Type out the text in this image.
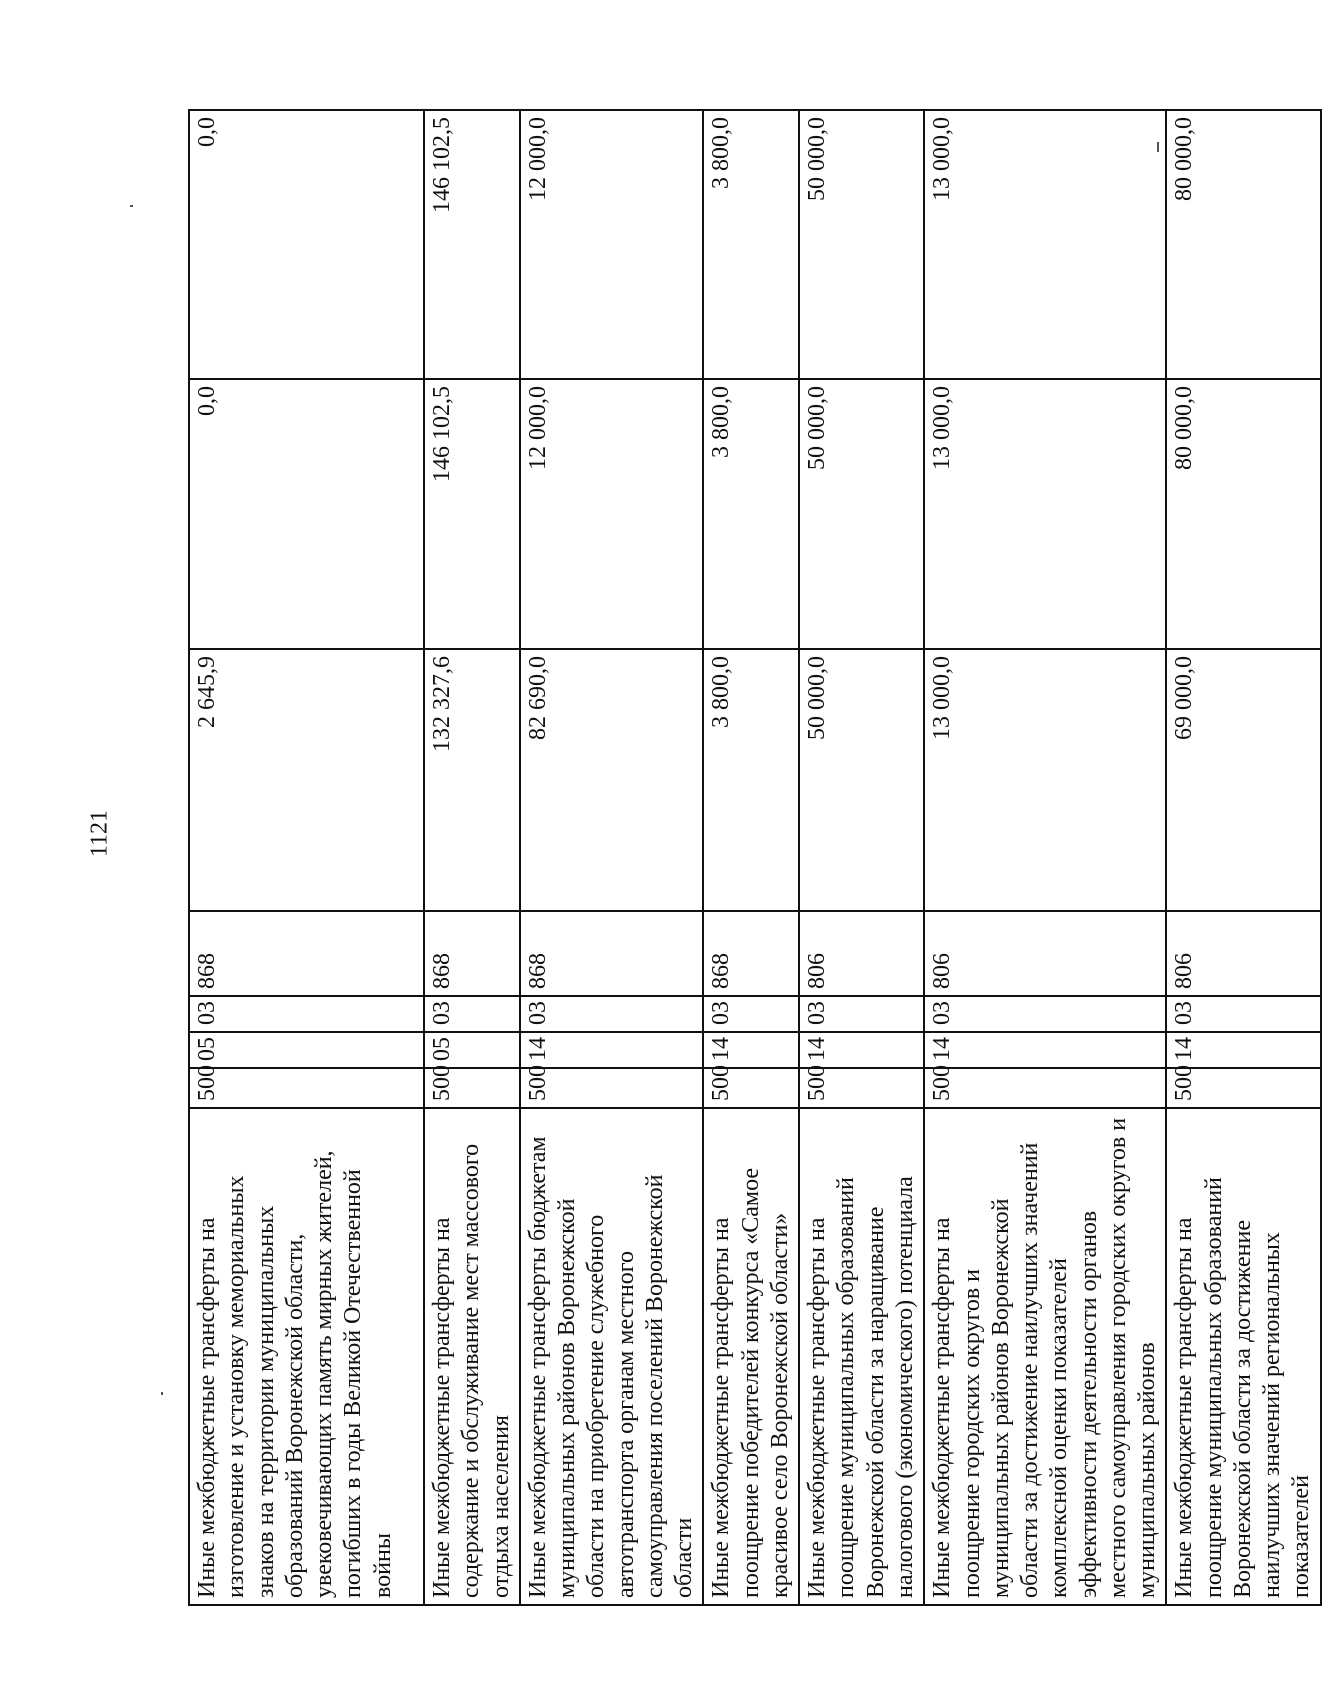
1121
Иные межбюджетные трансферты на изготовление и установку мемориальных знаков на территории муниципальных образований Воронежской области, увековечивающих память мирных жителей, погибших в годы Великой Отечественной войны	500	05	03	868	2 645,9	0,0	0,0
Иные межбюджетные трансферты на содержание и обслуживание мест массового отдыха населения	500	05	03	868	132 327,6	146 102,5	146 102,5
Иные межбюджетные трансферты бюджетам муниципальных районов Воронежской области на приобретение служебного автотранспорта органам местного самоуправления поселений Воронежской области	500	14	03	868	82 690,0	12 000,0	12 000,0
Иные межбюджетные трансферты на поощрение победителей конкурса «Самое красивое село Воронежской области»	500	14	03	868	3 800,0	3 800,0	3 800,0
Иные межбюджетные трансферты на поощрение муниципальных образований Воронежской области за наращивание налогового (экономического) потенциала	500	14	03	806	50 000,0	50 000,0	50 000,0
Иные межбюджетные трансферты на поощрение городских округов и муниципальных районов Воронежской области за достижение наилучших значений комплексной оценки показателей эффективности деятельности органов местного самоуправления городских округов и муниципальных районов	500	14	03	806	13 000,0	13 000,0	13 000,0
Иные межбюджетные трансферты на поощрение муниципальных образований Воронежской области за достижение наилучших значений региональных показателей	500	14	03	806	69 000,0	80 000,0	80 000,0
